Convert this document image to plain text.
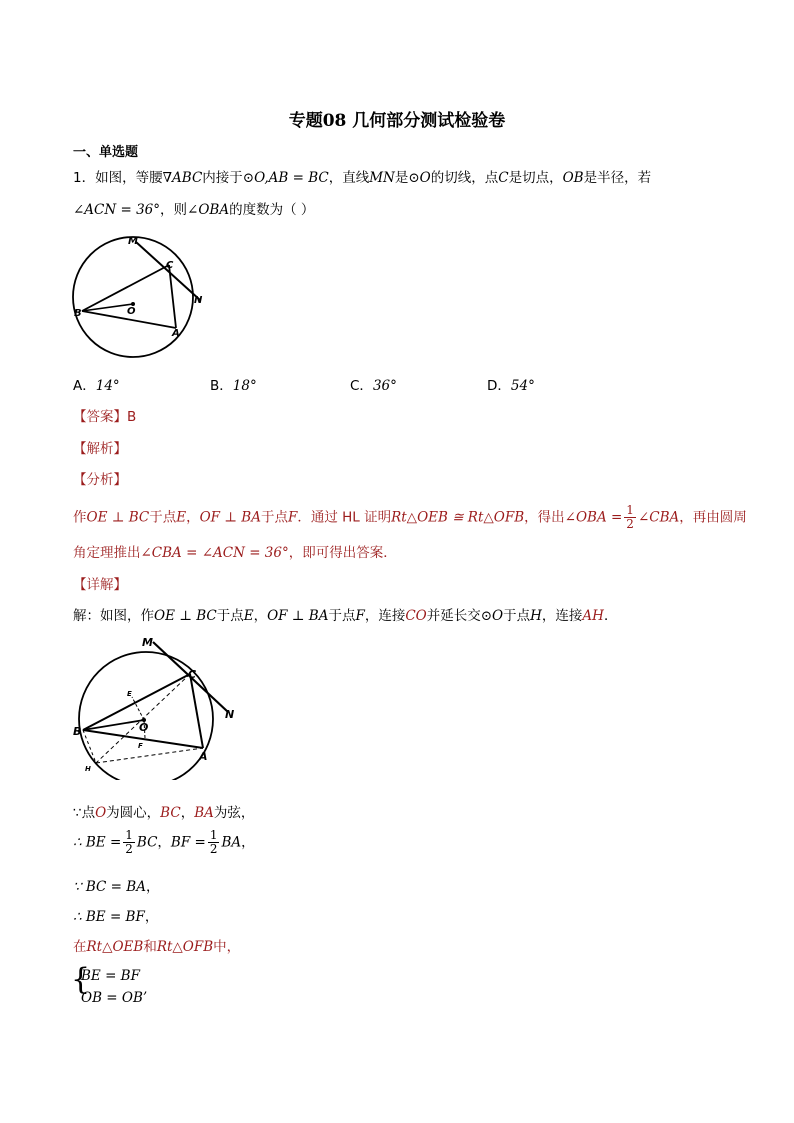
专题08 几何部分测试检验卷
一、单选题
1．如图，等腰∇ABC内接于⊙O,AB = BC，直线MN是⊙O的切线，点C是切点，OB是半径，若
∠ACN = 36°，则∠OBA的度数为（ ）
M
C
N
B	O
A
A．14°	B．18°	C．36°	D．54°
【答案】B
【解析】
【分析】
作OE ⊥ BC于点E，OF ⊥ BA于点F．通过 HL 证明Rt△OEB ≅ Rt△OFB，得出∠OBA = $\frac{1}{2}$ ∠CBA，再由圆周
角定理推出∠CBA = ∠ACN = 36°，即可得出答案．
【详解】
解：如图，作OE ⊥ BC于点E，OF ⊥ BA于点F，连接CO并延长交⊙O于点H，连接AH．
M
C
E
N
B	O
F
A
H
∵点O为圆心，BC，BA为弦，
∴ BE = $\frac{1}{2}$ BC，BF = $\frac{1}{2}$ BA，
∵ BC = BA，
∴ BE = BF，
在Rt△OEB和Rt△OFB中，
{
BE = BF
OB = OB’
